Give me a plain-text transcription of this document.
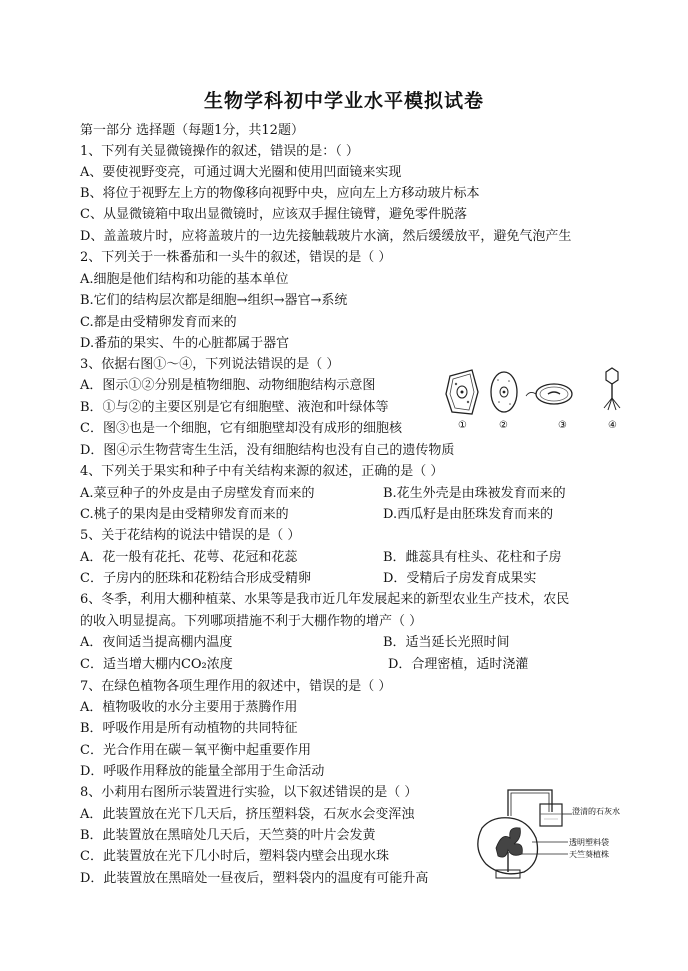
生物学科初中学业水平模拟试卷
第一部分 选择题（每题1分，共12题）
1、下列有关显微镜操作的叙述，错误的是：（ ）
A、要使视野变亮，可通过调大光圈和使用凹面镜来实现
B、将位于视野左上方的物像移向视野中央，应向左上方移动玻片标本
C、从显微镜箱中取出显微镜时，应该双手握住镜臂，避免零件脱落
D、盖盖玻片时，应将盖玻片的一边先接触载玻片水滴，然后缓缓放平，避免气泡产生
2、下列关于一株番茄和一头牛的叙述，错误的是（ ）
A.细胞是他们结构和功能的基本单位
B.它们的结构层次都是细胞→组织→器官→系统
C.都是由受精卵发育而来的
D.番茄的果实、牛的心脏都属于器官
3、依据右图①～④，下列说法错误的是（ ）
A．图示①②分别是植物细胞、动物细胞结构示意图
B．①与②的主要区别是它有细胞壁、液泡和叶绿体等
C．图③也是一个细胞，它有细胞壁却没有成形的细胞核
D．图④示生物营寄生生活，没有细胞结构也没有自己的遗传物质
①	②	③	④
4、下列关于果实和种子中有关结构来源的叙述，正确的是（ ）
A.菜豆种子的外皮是由子房壁发育而来的	B.花生外壳是由珠被发育而来的
C.桃子的果肉是由受精卵发育而来的	D.西瓜籽是由胚珠发育而来的
5、关于花结构的说法中错误的是（ ）
A．花一般有花托、花萼、花冠和花蕊	B．雌蕊具有柱头、花柱和子房
C．子房内的胚珠和花粉结合形成受精卵	D．受精后子房发育成果实
6、冬季，利用大棚种植菜、水果等是我市近几年发展起来的新型农业生产技术，农民
的收入明显提高。下列哪项措施不利于大棚作物的增产（ ）
A．夜间适当提高棚内温度	B．适当延长光照时间
C．适当增大棚内CO₂浓度	D．合理密植，适时浇灌
7、在绿色植物各项生理作用的叙述中，错误的是（ ）
A．植物吸收的水分主要用于蒸腾作用
B．呼吸作用是所有动植物的共同特征
C．光合作用在碳－氧平衡中起重要作用
D．呼吸作用释放的能量全部用于生命活动
8、小莉用右图所示装置进行实验，以下叙述错误的是（ ）
A．此装置放在光下几天后，挤压塑料袋，石灰水会变浑浊
B．此装置放在黑暗处几天后，天竺葵的叶片会发黄
C．此装置放在光下几小时后，塑料袋内壁会出现水珠
D．此装置放在黑暗处一昼夜后，塑料袋内的温度有可能升高
澄清的石灰水
透明塑料袋
天竺葵植株
